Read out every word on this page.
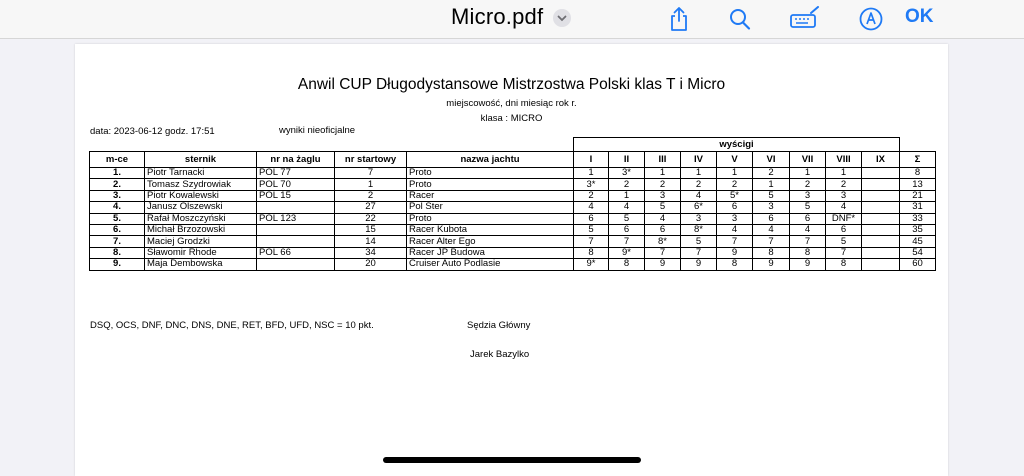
Micro.pdf	OK
Anwil CUP Długodystansowe Mistrzostwa Polski klas T i Micro
miejscowość, dni miesiąc rok r.
klasa : MICRO
data: 2023-06-12 godz. 17:51	wyniki nieoficjalne
					wyścigi									
m-ce	sternik	nr na żaglu	nr startowy	nazwa jachtu	I	II	III	IV	V	VI	VII	VIII	IX	Σ
1.	Piotr Tarnacki	POL 77	7	Proto	1	3*	1	1	1	2	1	1		8
2.	Tomasz Szydrowiak	POL 70	1	Proto	3*	2	2	2	2	1	2	2		13
3.	Piotr Kowalewski	POL 15	2	Racer	2	1	3	4	5*	5	3	3		21
4.	Janusz Olszewski		27	Pol Ster	4	4	5	6*	6	3	5	4		31
5.	Rafał Moszczyński	POL 123	22	Proto	6	5	4	3	3	6	6	DNF*		33
6.	Michał Brzozowski		15	Racer Kubota	5	6	6	8*	4	4	4	6		35
7.	Maciej Grodzki		14	Racer Alter Ego	7	7	8*	5	7	7	7	5		45
8.	Sławomir Rhode	POL 66	34	Racer JP Budowa	8	9*	7	7	9	8	8	7		54
9.	Maja Dembowska		20	Cruiser Auto Podlasie	9*	8	9	9	8	9	9	8		60
DSQ, OCS, DNF, DNC, DNS, DNE, RET, BFD, UFD, NSC = 10 pkt.	Sędzia Główny
Jarek Bazylko
